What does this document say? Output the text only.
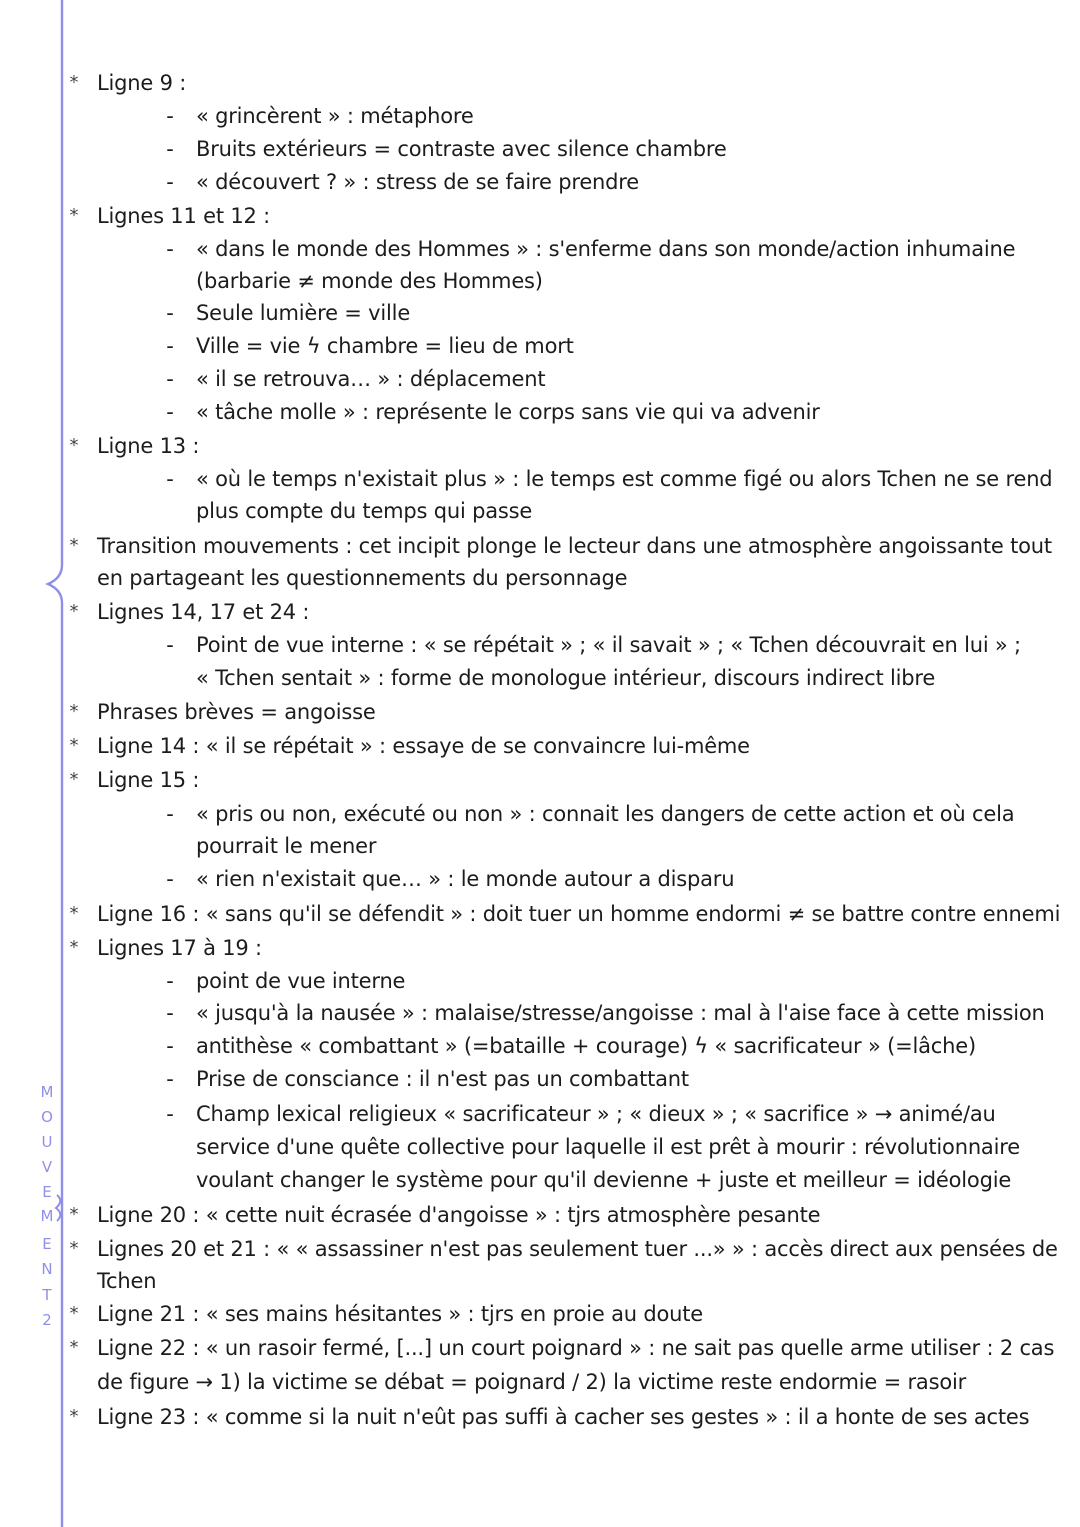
M
O
U
V
E
M
E
N
T
2
* Ligne 9 :
- « grincèrent » : métaphore
- Bruits extérieurs = contraste avec silence chambre
- « découvert ? » : stress de se faire prendre
* Lignes 11 et 12 :
- « dans le monde des Hommes » : s'enferme dans son monde/action inhumaine
(barbarie ≠ monde des Hommes)
- Seule lumière = ville
- Ville = vie ϟ chambre = lieu de mort
- « il se retrouva… » : déplacement
- « tâche molle » : représente le corps sans vie qui va advenir
* Ligne 13 :
- « où le temps n'existait plus » : le temps est comme figé ou alors Tchen ne se rend
plus compte du temps qui passe
* Transition mouvements : cet incipit plonge le lecteur dans une atmosphère angoissante tout
en partageant les questionnements du personnage
* Lignes 14, 17 et 24 :
- Point de vue interne : « se répétait » ; « il savait » ; « Tchen découvrait en lui » ;
« Tchen sentait » : forme de monologue intérieur, discours indirect libre
* Phrases brèves = angoisse
* Ligne 14 : « il se répétait » : essaye de se convaincre lui-même
* Ligne 15 :
- « pris ou non, exécuté ou non » : connait les dangers de cette action et où cela
pourrait le mener
- « rien n'existait que… » : le monde autour a disparu
* Ligne 16 : « sans qu'il se défendit » : doit tuer un homme endormi ≠ se battre contre ennemi
* Lignes 17 à 19 :
- point de vue interne
- « jusqu'à la nausée » : malaise/stresse/angoisse : mal à l'aise face à cette mission
- antithèse « combattant » (=bataille + courage) ϟ « sacrificateur » (=lâche)
- Prise de consciance : il n'est pas un combattant
- Champ lexical religieux « sacrificateur » ; « dieux » ; « sacrifice » → animé/au
service d'une quête collective pour laquelle il est prêt à mourir : révolutionnaire
voulant changer le système pour qu'il devienne + juste et meilleur = idéologie
* Ligne 20 : « cette nuit écrasée d'angoisse » : tjrs atmosphère pesante
* Lignes 20 et 21 : « « assassiner n'est pas seulement tuer ...» » : accès direct aux pensées de
Tchen
* Ligne 21 : « ses mains hésitantes » : tjrs en proie au doute
* Ligne 22 : « un rasoir fermé, [...] un court poignard » : ne sait pas quelle arme utiliser : 2 cas
de figure → 1) la victime se débat = poignard / 2) la victime reste endormie = rasoir
* Ligne 23 : « comme si la nuit n'eût pas suffi à cacher ses gestes » : il a honte de ses actes
